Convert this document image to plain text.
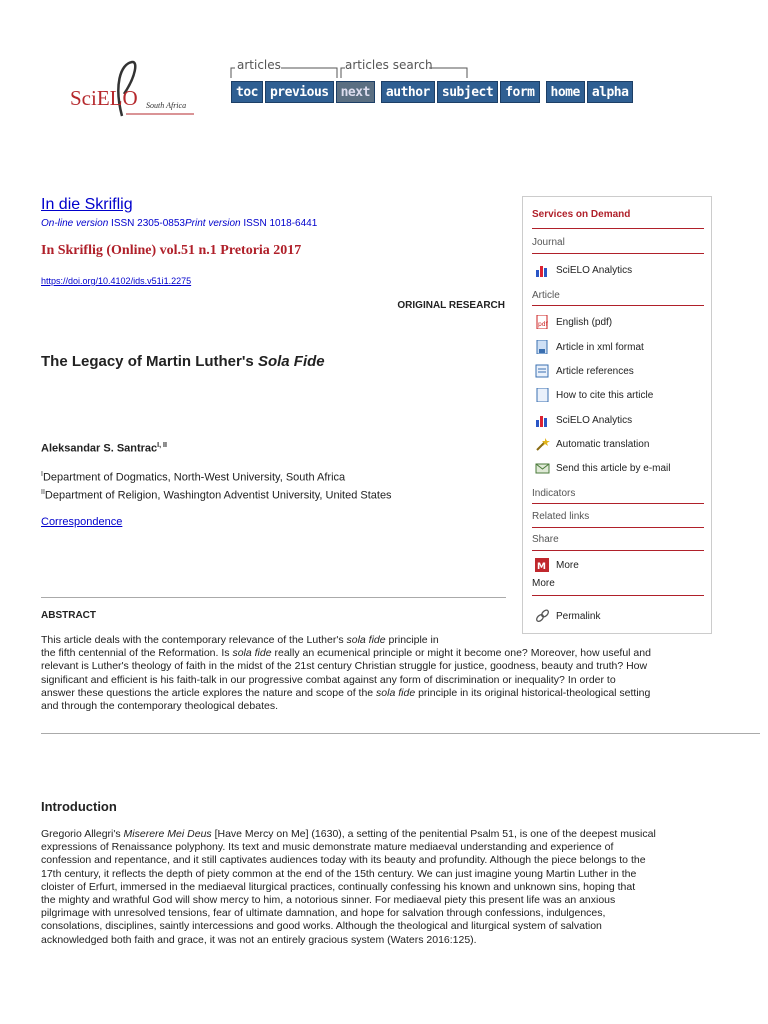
SciELO South Africa
articles	articles search
toc previous next	author subject form	home alpha
In die Skriflig
On-line version ISSN 2305-0853Print version ISSN 1018-6441
In Skriflig (Online) vol.51 n.1 Pretoria 2017
https://doi.org/10.4102/ids.v51i1.2275
ORIGINAL RESEARCH
The Legacy of Martin Luther's Sola Fide
Aleksandar S. Santrac$^{I, II}$
$^I$Department of Dogmatics, North-West University, South Africa
$^{II}$Department of Religion, Washington Adventist University, United States
Correspondence
ABSTRACT

This article deals with the contemporary relevance of the Luther's sola fide principle in

the fifth centennial of the Reformation. Is sola fide really an ecumenical principle or might it become one? Moreover, how useful and

relevant is Luther's theology of faith in the midst of the 21st century Christian struggle for justice, goodness, beauty and truth? How

significant and efficient is his faith-talk in our progressive combat against any form of discrimination or inequality? In order to

answer these questions the article explores the nature and scope of the sola fide principle in its original historical-theological setting

and through the contemporary theological debates.

Introduction

Gregorio Allegri's Miserere Mei Deus [Have Mercy on Me] (1630), a setting of the penitential Psalm 51, is one of the deepest musical

expressions of Renaissance polyphony. Its text and music demonstrate mature mediaeval understanding and experience of

confession and repentance, and it still captivates audiences today with its beauty and profundity. Although the piece belongs to the

17th century, it reflects the depth of piety common at the end of the 15th century. We can just imagine young Martin Luther in the

cloister of Erfurt, immersed in the mediaeval liturgical practices, continually confessing his known and unknown sins, hoping that

the mighty and wrathful God will show mercy to him, a notorious sinner. For mediaeval piety this present life was an anxious

pilgrimage with unresolved tensions, fear of ultimate damnation, and hope for salvation through confessions, indulgences,

consolations, disciplines, saintly intercessions and good works. Although the theological and liturgical system of salvation

acknowledged both faith and grace, it was not an entirely gracious system (Waters 2016:125).

Services on Demand
Journal
SciELO Analytics
Article
pdf English (pdf)
Article in xml format
Article references
How to cite this article
SciELO Analytics
Automatic translation
Send this article by e-mail
Indicators
Related links
Share
M More
More
Permalink
